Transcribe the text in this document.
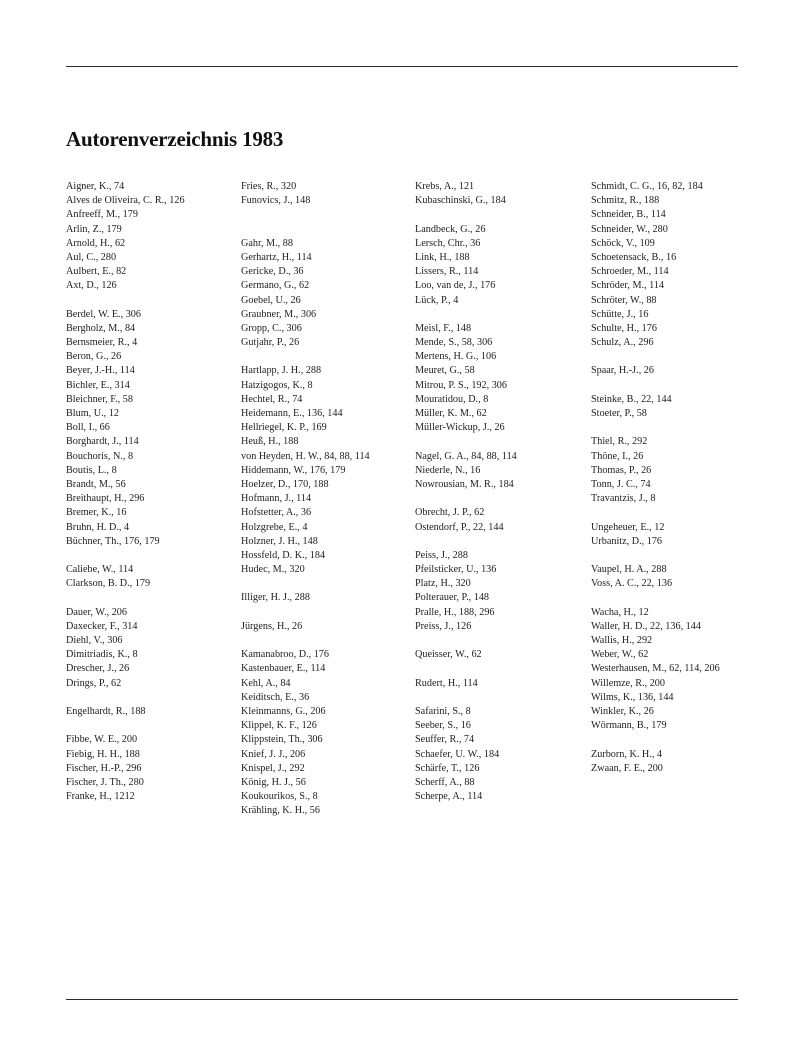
Autorenverzeichnis 1983
Aigner, K., 74
Alves de Oliveira, C. R., 126
Anfreeff, M., 179
Arlin, Z., 179
Arnold, H., 62
Aul, C., 280
Aulbert, E., 82
Axt, D., 126
Berdel, W. E., 306
Bergholz, M., 84
Bernsmeier, R., 4
Beron, G., 26
Beyer, J.-H., 114
Bichler, E., 314
Bleichner, F., 58
Blum, U., 12
Boll, I., 66
Borghardt, J., 114
Bouchoris, N., 8
Boutis, L., 8
Brandt, M., 56
Breithaupt, H., 296
Bremer, K., 16
Bruhn, H. D., 4
Büchner, Th., 176, 179
Caliebe, W., 114
Clarkson, B. D., 179
Dauer, W., 206
Daxecker, F., 314
Diehl, V., 306
Dimitriadis, K., 8
Drescher, J., 26
Drings, P., 62
Engelhardt, R., 188
Fibbe, W. E., 200
Fiebig, H. H., 188
Fischer, H.-P., 296
Fischer, J. Th., 280
Franke, H., 1212
Fries, R., 320
Funovics, J., 148
Gahr, M., 88
Gerhartz, H., 114
Gericke, D., 36
Germano, G., 62
Goebel, U., 26
Graubner, M., 306
Gropp, C., 306
Gutjahr, P., 26
Hartlapp, J. H., 288
Hatzigogos, K., 8
Hechtel, R., 74
Heidemann, E., 136, 144
Hellriegel, K. P., 169
Heuß, H., 188
von Heyden, H. W., 84, 88, 114
Hiddemann, W., 176, 179
Hoelzer, D., 170, 188
Hofmann, J., 114
Hofstetter, A., 36
Holzgrebe, E., 4
Holzner, J. H., 148
Hossfeld, D. K., 184
Hudec, M., 320
Illiger, H. J., 288
Jürgens, H., 26
Kamanabroo, D., 176
Kastenbauer, E., 114
Kehl, A., 84
Keiditsch, E., 36
Kleinmanns, G., 206
Klippel, K. F., 126
Klippstein, Th., 306
Knief, J. J., 206
Knispel, J., 292
König, H. J., 56
Koukourikos, S., 8
Krähling, K. H., 56
Krebs, A., 121
Kubaschinski, G., 184
Landbeck, G., 26
Lersch, Chr., 36
Link, H., 188
Lissers, R., 114
Loo, van de, J., 176
Lück, P., 4
Meisl, F., 148
Mende, S., 58, 306
Mertens, H. G., 106
Meuret, G., 58
Mitrou, P. S., 192, 306
Mouratidou, D., 8
Müller, K. M., 62
Müller-Wickup, J., 26
Nagel, G. A., 84, 88, 114
Niederle, N., 16
Nowrousian, M. R., 184
Obrecht, J. P., 62
Ostendorf, P., 22, 144
Peiss, J., 288
Pfeilsticker, U., 136
Platz, H., 320
Polterauer, P., 148
Pralle, H., 188, 296
Preiss, J., 126
Queisser, W., 62
Rudert, H., 114
Safarini, S., 8
Seeber, S., 16
Seuffer, R., 74
Schaefer, U. W., 184
Schärfe, T., 126
Scherff, A., 88
Scherpe, A., 114
Schmidt, C. G., 16, 82, 184
Schmitz, R., 188
Schneider, B., 114
Schneider, W., 280
Schöck, V., 109
Schoetensack, B., 16
Schroeder, M., 114
Schröder, M., 114
Schröter, W., 88
Schütte, J., 16
Schulte, H., 176
Schulz, A., 296
Spaar, H.-J., 26
Steinke, B., 22, 144
Stoeter, P., 58
Thiel, R., 292
Thöne, I., 26
Thomas, P., 26
Tonn, J. C., 74
Travantzis, J., 8
Ungeheuer, E., 12
Urbanitz, D., 176
Vaupel, H. A., 288
Voss, A. C., 22, 136
Wacha, H., 12
Waller, H. D., 22, 136, 144
Wallis, H., 292
Weber, W., 62
Westerhausen, M., 62, 114, 206
Willemze, R., 200
Wilms, K., 136, 144
Winkler, K., 26
Wörmann, B., 179
Zurborn, K. H., 4
Zwaan, F. E., 200
